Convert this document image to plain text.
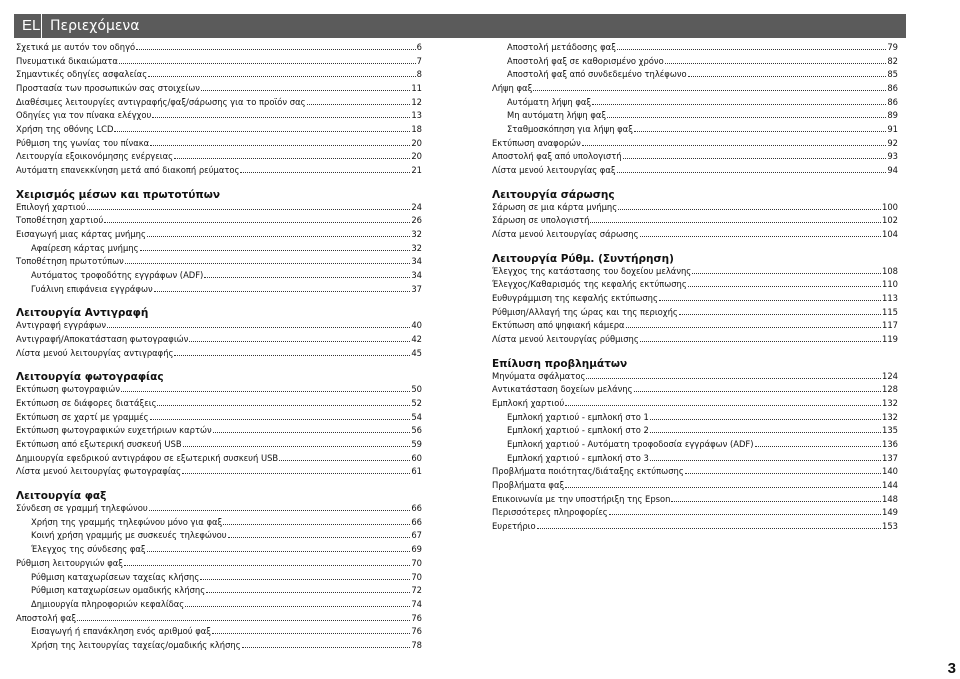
EL Περιεχόμενα
Σχετικά με αυτόν τον οδηγό	6
Πνευματικά δικαιώματα	7
Σημαντικές οδηγίες ασφαλείας	8
Προστασία των προσωπικών σας στοιχείων	11
Διαθέσιμες λειτουργίες αντιγραφής/φαξ/σάρωσης για το προϊόν σας	12
Οδηγίες για τον πίνακα ελέγχου	13
Χρήση της οθόνης LCD	18
Ρύθμιση της γωνίας του πίνακα	20
Λειτουργία εξοικονόμησης ενέργειας	20
Αυτόματη επανεκκίνηση μετά από διακοπή ρεύματος	21
Χειρισμός μέσων και πρωτοτύπων
Επιλογή χαρτιού	24
Τοποθέτηση χαρτιού	26
Εισαγωγή μιας κάρτας μνήμης	32
Αφαίρεση κάρτας μνήμης	32
Τοποθέτηση πρωτοτύπων	34
Αυτόματος τροφοδότης εγγράφων (ADF)	34
Γυάλινη επιφάνεια εγγράφων	37
Λειτουργία Αντιγραφή
Αντιγραφή εγγράφων	40
Αντιγραφή/Αποκατάσταση φωτογραφιών	42
Λίστα μενού λειτουργίας αντιγραφής	45
Λειτουργία φωτογραφίας
Εκτύπωση φωτογραφιών	50
Εκτύπωση σε διάφορες διατάξεις	52
Εκτύπωση σε χαρτί με γραμμές	54
Εκτύπωση φωτογραφικών ευχετήριων καρτών	56
Εκτύπωση από εξωτερική συσκευή USB	59
Δημιουργία εφεδρικού αντιγράφου σε εξωτερική συσκευή USB	60
Λίστα μενού λειτουργίας φωτογραφίας	61
Λειτουργία φαξ
Σύνδεση σε γραμμή τηλεφώνου	66
Χρήση της γραμμής τηλεφώνου μόνο για φαξ	66
Κοινή χρήση γραμμής με συσκευές τηλεφώνου	67
Έλεγχος της σύνδεσης φαξ	69
Ρύθμιση λειτουργιών φαξ	70
Ρύθμιση καταχωρίσεων ταχείας κλήσης	70
Ρύθμιση καταχωρίσεων ομαδικής κλήσης	72
Δημιουργία πληροφοριών κεφαλίδας	74
Αποστολή φαξ	76
Εισαγωγή ή επανάκληση ενός αριθμού φαξ	76
Χρήση της λειτουργίας ταχείας/ομαδικής κλήσης	78
Αποστολή μετάδοσης φαξ	79
Αποστολή φαξ σε καθορισμένο χρόνο	82
Αποστολή φαξ από συνδεδεμένο τηλέφωνο	85
Λήψη φαξ	86
Αυτόματη λήψη φαξ	86
Μη αυτόματη λήψη φαξ	89
Σταθμοσκόπηση για λήψη φαξ	91
Εκτύπωση αναφορών	92
Αποστολή φαξ από υπολογιστή	93
Λίστα μενού λειτουργίας φαξ	94
Λειτουργία σάρωσης
Σάρωση σε μια κάρτα μνήμης	100
Σάρωση σε υπολογιστή	102
Λίστα μενού λειτουργίας σάρωσης	104
Λειτουργία Ρύθμ. (Συντήρηση)
Έλεγχος της κατάστασης του δοχείου μελάνης	108
Έλεγχος/Καθαρισμός της κεφαλής εκτύπωσης	110
Ευθυγράμμιση της κεφαλής εκτύπωσης	113
Ρύθμιση/Αλλαγή της ώρας και της περιοχής	115
Εκτύπωση από ψηφιακή κάμερα	117
Λίστα μενού λειτουργίας ρύθμισης	119
Επίλυση προβλημάτων
Μηνύματα σφάλματος	124
Αντικατάσταση δοχείων μελάνης	128
Εμπλοκή χαρτιού	132
Εμπλοκή χαρτιού - εμπλοκή στο 1	132
Εμπλοκή χαρτιού - εμπλοκή στο 2	135
Εμπλοκή χαρτιού - Αυτόματη τροφοδοσία εγγράφων (ADF)	136
Εμπλοκή χαρτιού - εμπλοκή στο 3	137
Προβλήματα ποιότητας/διάταξης εκτύπωσης	140
Προβλήματα φαξ	144
Επικοινωνία με την υποστήριξη της Epson	148
Περισσότερες πληροφορίες	149
Ευρετήριο	153
3
